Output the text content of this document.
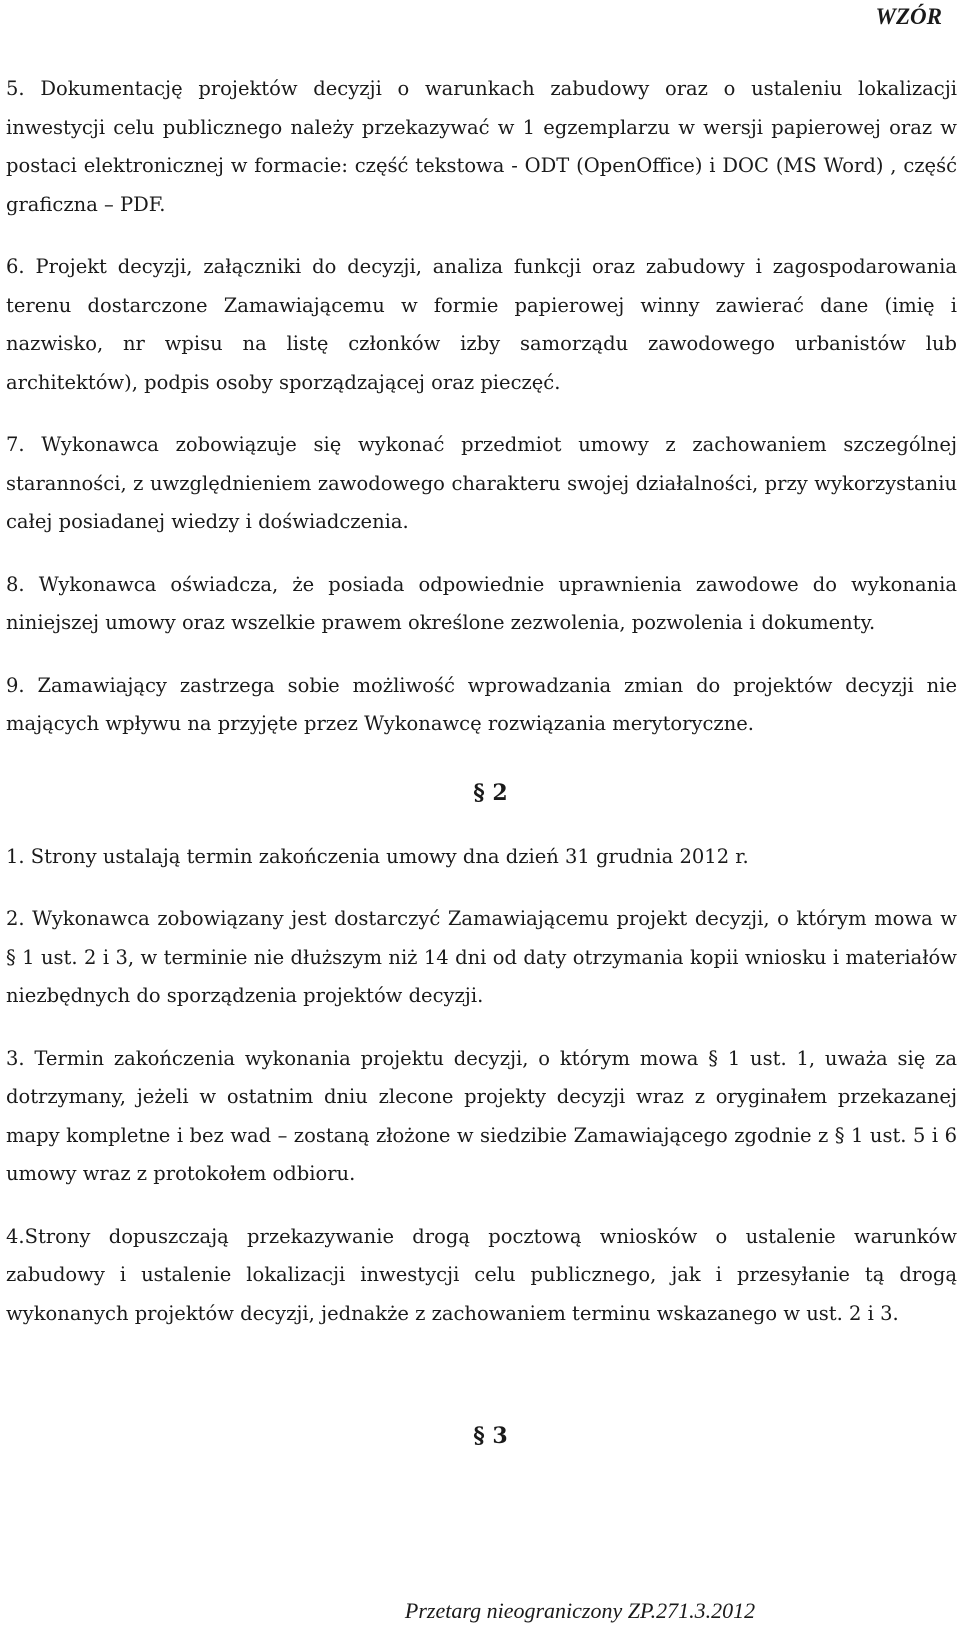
WZÓR

5. Dokumentację projektów decyzji o warunkach zabudowy oraz o ustaleniu lokalizacji inwestycji celu publicznego należy przekazywać w 1 egzemplarzu w wersji papierowej oraz w postaci elektronicznej w formacie: część tekstowa - ODT (OpenOffice) i DOC (MS Word) , część graficzna – PDF.

6. Projekt decyzji, załączniki do decyzji, analiza funkcji oraz zabudowy i zagospodarowania terenu dostarczone Zamawiającemu w formie papierowej winny zawierać dane (imię i nazwisko, nr wpisu na listę członków izby samorządu zawodowego urbanistów lub architektów), podpis osoby sporządzającej oraz pieczęć.

7. Wykonawca zobowiązuje się wykonać przedmiot umowy z zachowaniem szczególnej staranności, z uwzględnieniem zawodowego charakteru swojej działalności, przy wykorzystaniu całej posiadanej wiedzy i doświadczenia.

8. Wykonawca oświadcza, że posiada odpowiednie uprawnienia zawodowe do wykonania niniejszej umowy oraz wszelkie prawem określone zezwolenia, pozwolenia i dokumenty.

9. Zamawiający zastrzega sobie możliwość wprowadzania zmian do projektów decyzji nie mających wpływu na przyjęte przez Wykonawcę rozwiązania merytoryczne.

§ 2

1. Strony ustalają termin zakończenia umowy dna dzień 31 grudnia 2012 r.

2. Wykonawca zobowiązany jest dostarczyć Zamawiającemu projekt decyzji, o którym mowa w § 1 ust. 2 i 3, w terminie nie dłuższym niż 14 dni od daty otrzymania kopii wniosku i materiałów niezbędnych do sporządzenia projektów decyzji.

3. Termin zakończenia wykonania projektu decyzji, o którym mowa § 1 ust. 1, uważa się za dotrzymany, jeżeli w ostatnim dniu zlecone projekty decyzji wraz z oryginałem przekazanej mapy kompletne i bez wad – zostaną złożone w siedzibie Zamawiającego zgodnie z § 1 ust. 5 i 6 umowy wraz z protokołem odbioru.

4.Strony dopuszczają przekazywanie drogą pocztową wniosków o ustalenie warunków zabudowy i ustalenie lokalizacji inwestycji celu publicznego, jak i przesyłanie tą drogą wykonanych projektów decyzji, jednakże z zachowaniem terminu wskazanego w ust. 2 i 3.

§ 3
Przetarg nieograniczony ZP.271.3.2012
